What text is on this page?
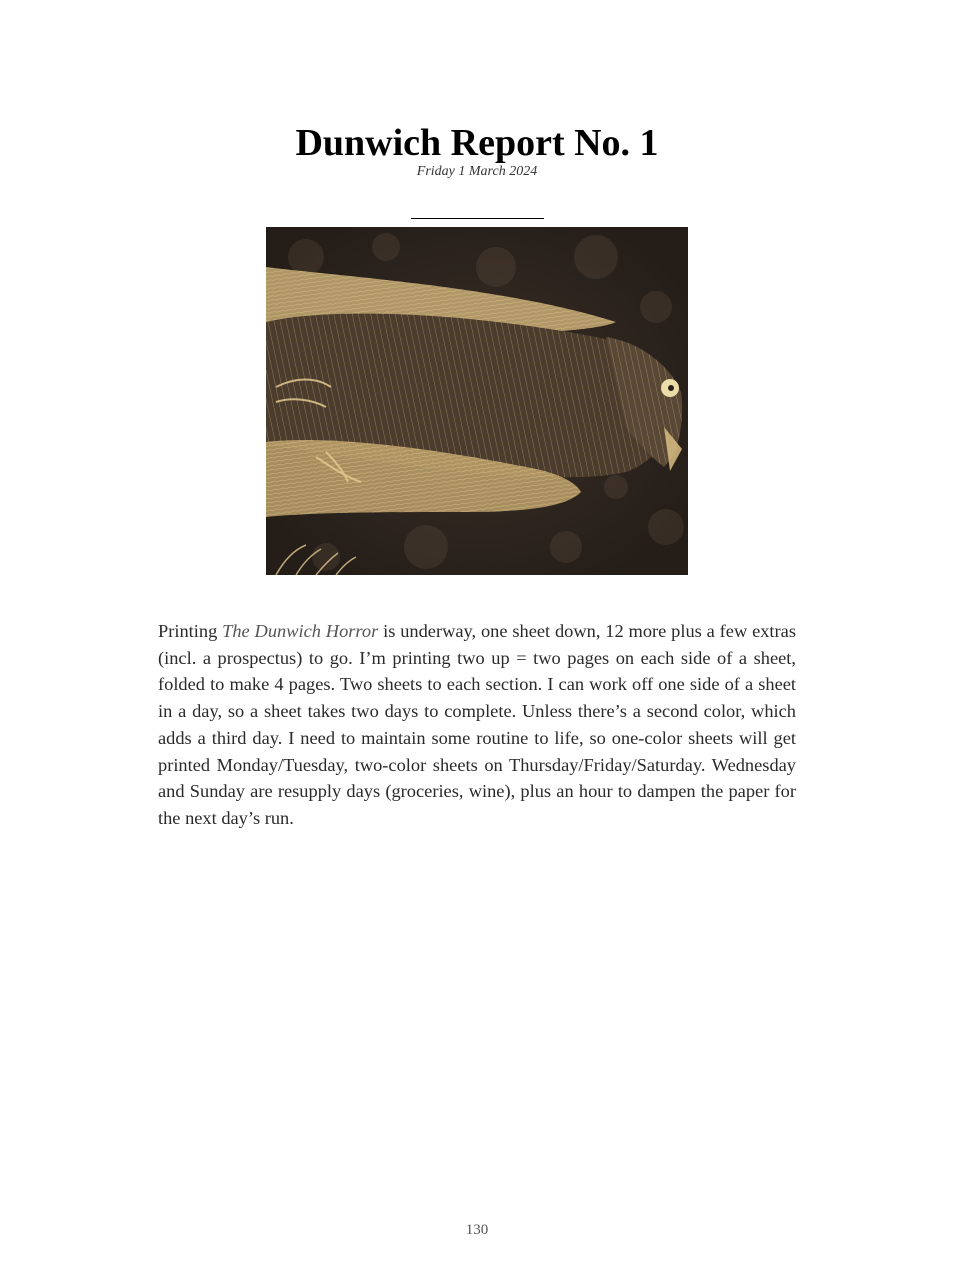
Dunwich Report No. 1
Friday 1 March 2024

Printing The Dunwich Horror is underway, one sheet down, 12 more plus a few extras (incl. a prospectus) to go. I’m printing two up = two pages on each side of a sheet, folded to make 4 pages. Two sheets to each section. I can work off one side of a sheet in a day, so a sheet takes two days to complete. Unless there’s a second color, which adds a third day. I need to maintain some routine to life, so one-color sheets will get printed Monday/Tuesday, two-color sheets on Thursday/Friday/Saturday. Wednesday and Sunday are resupply days (groceries, wine), plus an hour to dampen the paper for the next day’s run.

130
